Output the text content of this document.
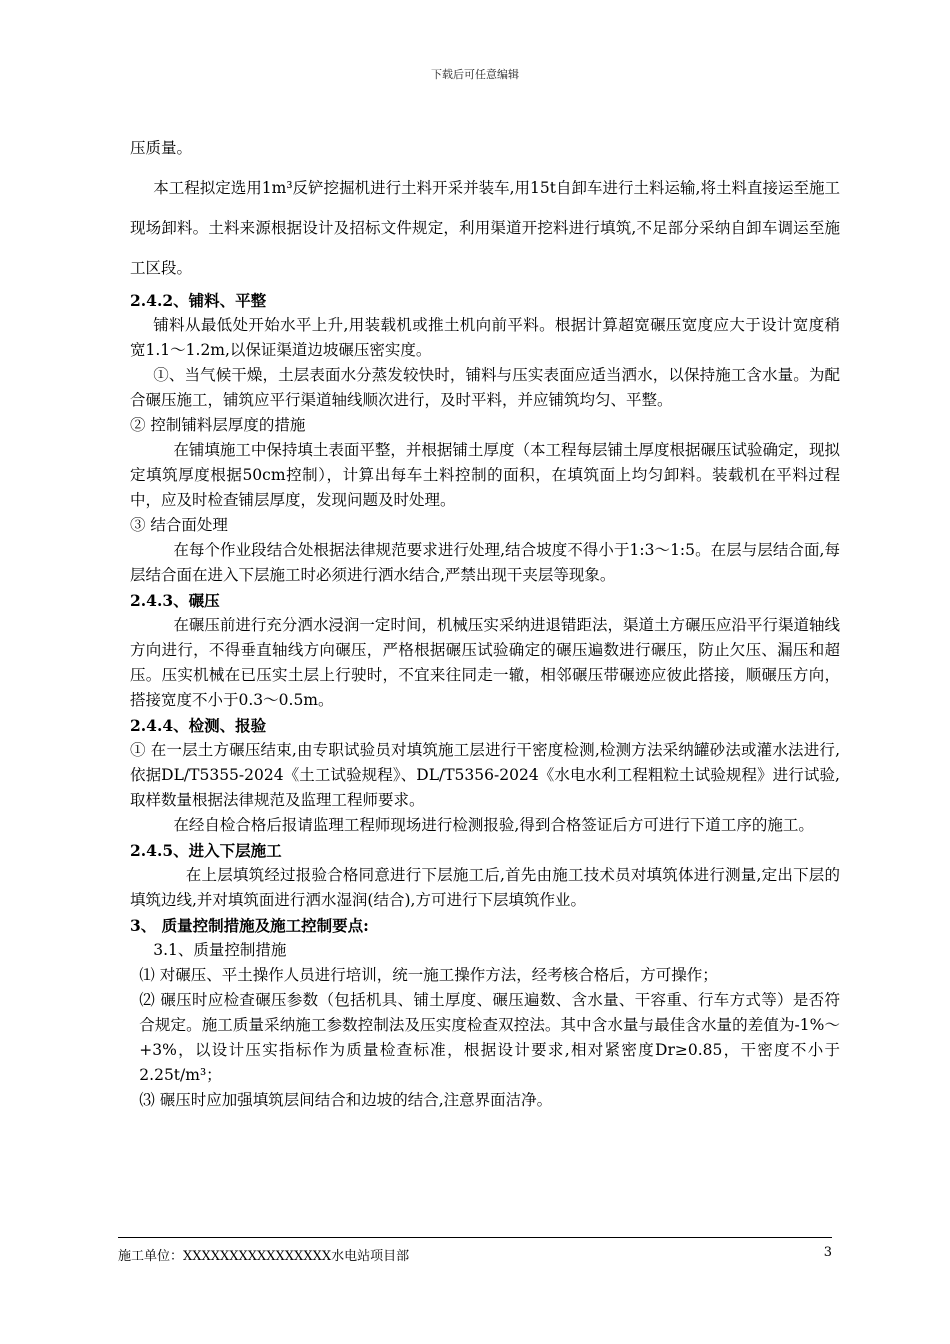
下载后可任意编辑

压质量。

本工程拟定选用1m³反铲挖掘机进行土料开采并装车,用15t自卸车进行土料运输,将土料直接运至施工现场卸料。土料来源根据设计及招标文件规定，利用渠道开挖料进行填筑,不足部分采纳自卸车调运至施工区段。

2.4.2、铺料、平整

铺料从最低处开始水平上升,用装载机或推土机向前平料。根据计算超宽碾压宽度应大于设计宽度稍宽1.1～1.2m,以保证渠道边坡碾压密实度。

①、当气候干燥，土层表面水分蒸发较快时，铺料与压实表面应适当洒水，以保持施工含水量。为配合碾压施工，铺筑应平行渠道轴线顺次进行，及时平料，并应铺筑均匀、平整。

② 控制铺料层厚度的措施

在铺填施工中保持填土表面平整，并根据铺土厚度（本工程每层铺土厚度根据碾压试验确定，现拟定填筑厚度根据50cm控制），计算出每车土料控制的面积，在填筑面上均匀卸料。装载机在平料过程中，应及时检查铺层厚度，发现问题及时处理。

③ 结合面处理

在每个作业段结合处根据法律规范要求进行处理,结合坡度不得小于1:3～1:5。在层与层结合面,每层结合面在进入下层施工时必须进行洒水结合,严禁出现干夹层等现象。

2.4.3、碾压

在碾压前进行充分洒水浸润一定时间，机械压实采纳进退错距法，渠道土方碾压应沿平行渠道轴线方向进行，不得垂直轴线方向碾压，严格根据碾压试验确定的碾压遍数进行碾压，防止欠压、漏压和超压。压实机械在已压实土层上行驶时，不宜来往同走一辙，相邻碾压带碾迹应彼此搭接，顺碾压方向，搭接宽度不小于0.3～0.5m。

2.4.4、检测、报验

① 在一层土方碾压结束,由专职试验员对填筑施工层进行干密度检测,检测方法采纳罐砂法或灌水法进行,依据DL/T5355-2024《土工试验规程》、DL/T5356-2024《水电水利工程粗粒土试验规程》进行试验,取样数量根据法律规范及监理工程师要求。

在经自检合格后报请监理工程师现场进行检测报验,得到合格签证后方可进行下道工序的施工。

2.4.5、进入下层施工

在上层填筑经过报验合格同意进行下层施工后,首先由施工技术员对填筑体进行测量,定出下层的填筑边线,并对填筑面进行洒水湿润(结合),方可进行下层填筑作业。

3、 质量控制措施及施工控制要点:

3.1、质量控制措施

⑴ 对碾压、平土操作人员进行培训，统一施工操作方法，经考核合格后，方可操作；

⑵ 碾压时应检查碾压参数（包括机具、铺土厚度、碾压遍数、含水量、干容重、行车方式等）是否符合规定。施工质量采纳施工参数控制法及压实度检查双控法。其中含水量与最佳含水量的差值为-1%～+3%，以设计压实指标作为质量检查标准，根据设计要求,相对紧密度Dr≥0.85，干密度不小于2.25t/m³；

⑶ 碾压时应加强填筑层间结合和边坡的结合,注意界面洁净。

施工单位：XXXXXXXXXXXXXXXX水电站项目部	3
